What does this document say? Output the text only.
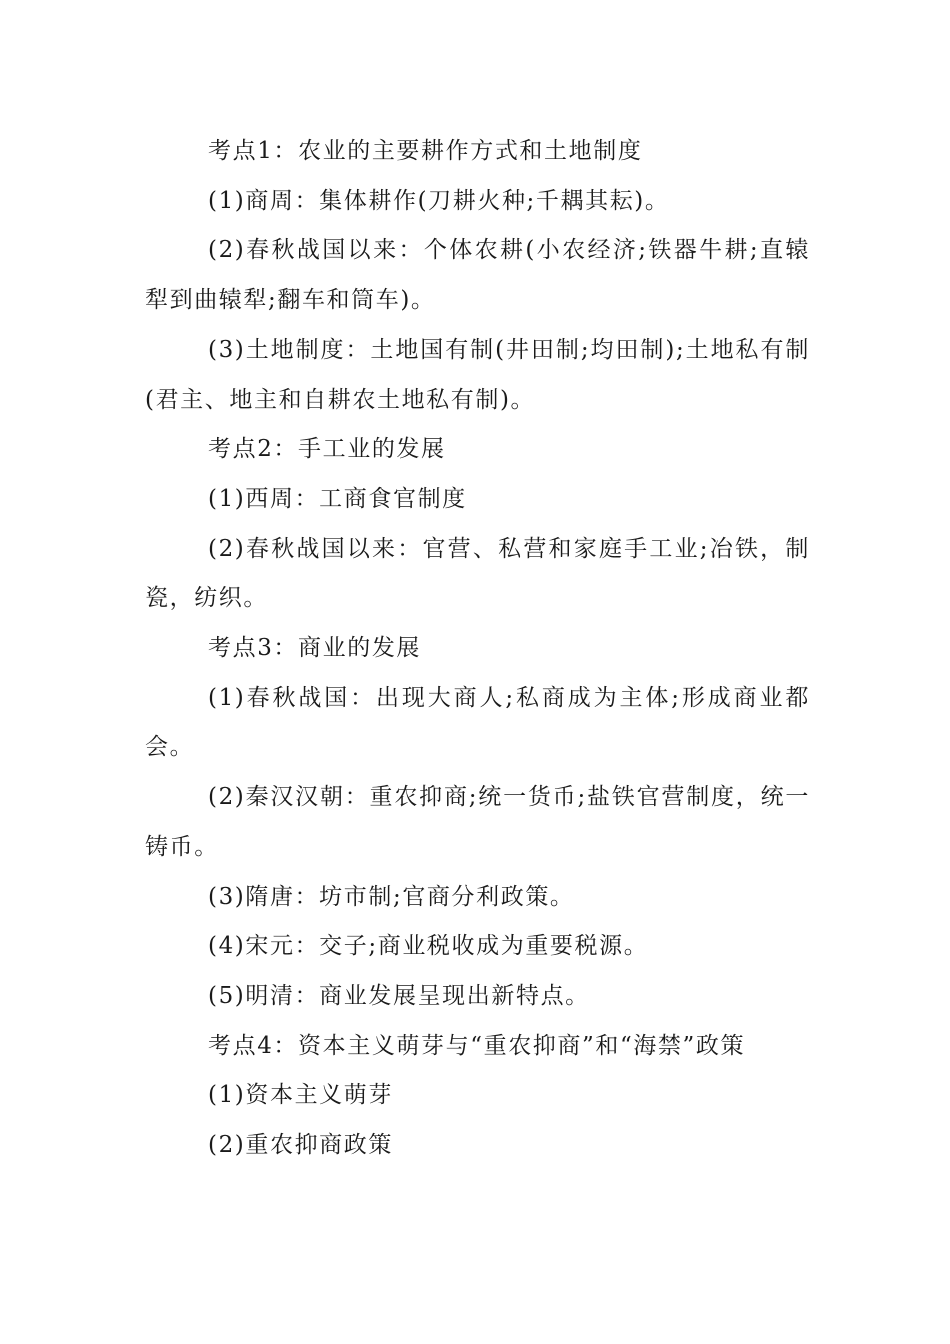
考点1：农业的主要耕作方式和土地制度

(1)商周：集体耕作(刀耕火种;千耦其耘)。

(2)春秋战国以来：个体农耕(小农经济;铁器牛耕;直辕犁到曲辕犁;翻车和筒车)。

(3)土地制度：土地国有制(井田制;均田制);土地私有制(君主、地主和自耕农土地私有制)。

考点2：手工业的发展

(1)西周：工商食官制度

(2)春秋战国以来：官营、私营和家庭手工业;冶铁，制瓷，纺织。

考点3：商业的发展

(1)春秋战国：出现大商人;私商成为主体;形成商业都会。

(2)秦汉汉朝：重农抑商;统一货币;盐铁官营制度，统一铸币。

(3)隋唐：坊市制;官商分利政策。

(4)宋元：交子;商业税收成为重要税源。

(5)明清：商业发展呈现出新特点。

考点4：资本主义萌芽与“重农抑商”和“海禁”政策

(1)资本主义萌芽

(2)重农抑商政策
